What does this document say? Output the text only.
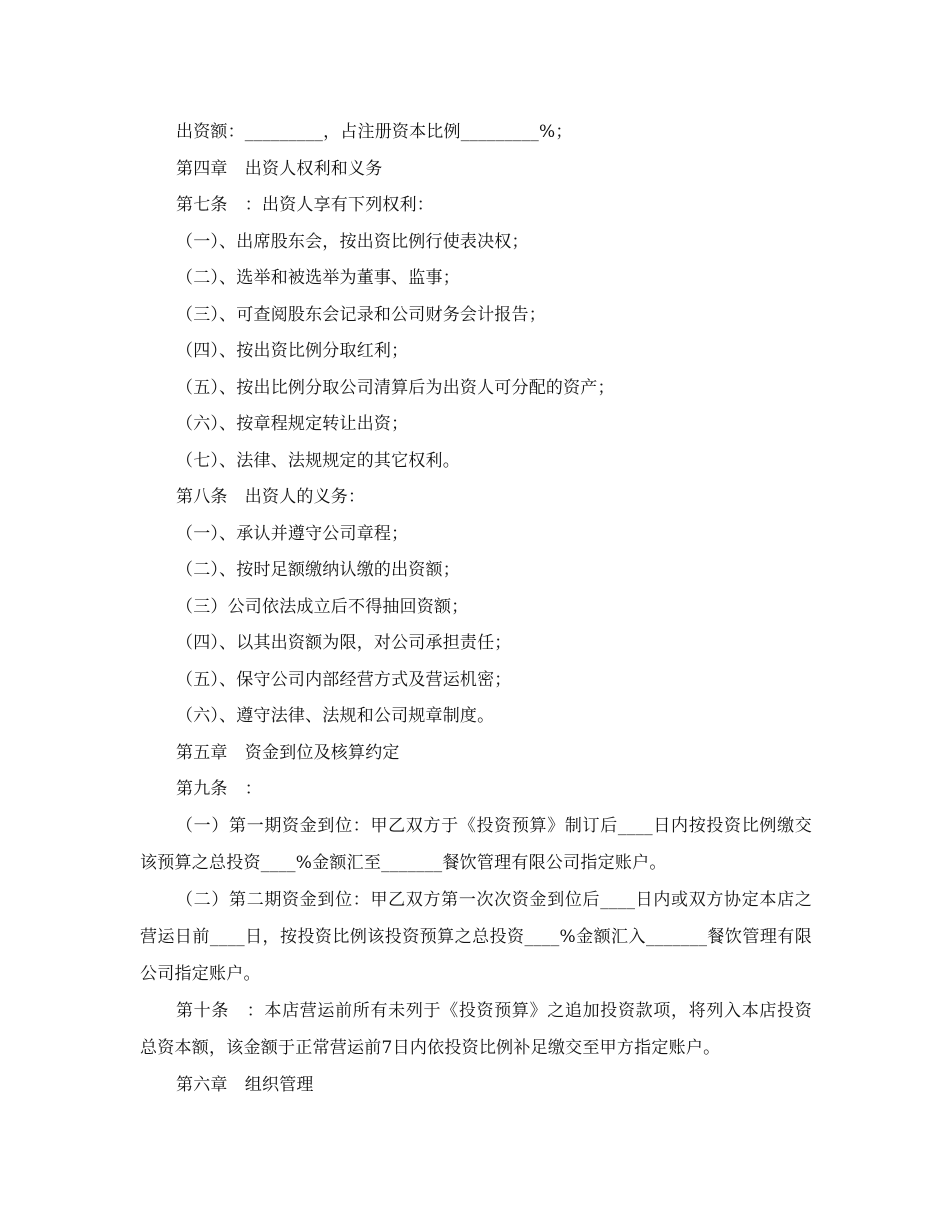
出资额：_________，占注册资本比例_________%；
第四章　出资人权利和义务
第七条　：出资人享有下列权利：
（一）、出席股东会，按出资比例行使表决权；
（二）、选举和被选举为董事、监事；
（三）、可查阅股东会记录和公司财务会计报告；
（四）、按出资比例分取红利；
（五）、按出比例分取公司清算后为出资人可分配的资产；
（六）、按章程规定转让出资；
（七）、法律、法规规定的其它权利。
第八条　出资人的义务：
（一）、承认并遵守公司章程；
（二）、按时足额缴纳认缴的出资额；
（三）公司依法成立后不得抽回资额；
（四）、以其出资额为限，对公司承担责任；
（五）、保守公司内部经营方式及营运机密；
（六）、遵守法律、法规和公司规章制度。
第五章　资金到位及核算约定
第九条　：

（一）第一期资金到位：甲乙双方于《投资预算》制订后____日内按投资比例缴交该预算之总投资____%金额汇至_______餐饮管理有限公司指定账户。

（二）第二期资金到位：甲乙双方第一次次资金到位后____日内或双方协定本店之营运日前____日，按投资比例该投资预算之总投资____%金额汇入_______餐饮管理有限公司指定账户。

第十条　：本店营运前所有未列于《投资预算》之追加投资款项，将列入本店投资总资本额，该金额于正常营运前7日内依投资比例补足缴交至甲方指定账户。

第六章　组织管理
